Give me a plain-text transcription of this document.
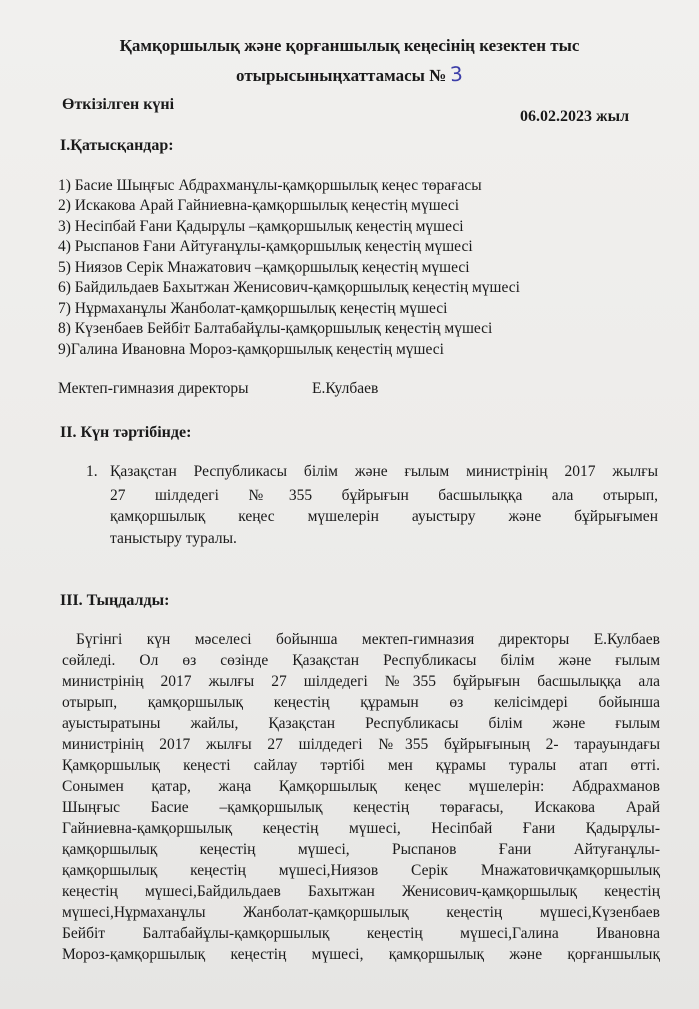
Қамқоршылық және қорғаншылық кеңесінің кезектен тыс
отырысыныңхаттамасы № 3
Өткізілген күні
06.02.2023 жыл
І.Қатысқандар:
1) Басие Шыңғыс Абдрахманұлы-қамқоршылық кеңес төрағасы
2) Искакова Арай Гайниевна-қамқоршылық кеңестің мүшесі
3) Несіпбай Ғани Қадырұлы –қамқоршылық кеңестің мүшесі
4) Рыспанов Ғани Айтуғанұлы-қамқоршылық кеңестің мүшесі
5) Ниязов Серік Мнажатович –қамқоршылық кеңестің мүшесі
6) Байдильдаев Бахытжан Женисович-қамқоршылық кеңестің мүшесі
7) Нұрмаханұлы Жанболат-қамқоршылық кеңестің мүшесі
8) Күзенбаев Бейбіт Балтабайұлы-қамқоршылық кеңестің мүшесі
9)Галина Ивановна Мороз-қамқоршылық кеңестің мүшесі
Мектеп-гимназия директоры	Е.Кулбаев
ІІ. Күн тәртібінде:
1. Қазақстан Республикасы білім және ғылым министрінің 2017 жылғы
27 шілдедегі №355 бұйрығын басшылыққа ала отырып,
қамқоршылық кеңес мүшелерін ауыстыру және бұйрығымен
таныстыру туралы.
ІІІ. Тыңдалды:
Бүгінгі күн мәселесі бойынша мектеп-гимназия директоры Е.Кулбаев
сөйледі. Ол өз сөзінде Қазақстан Республикасы білім және ғылым
министрінің 2017 жылғы 27 шілдедегі №355 бұйрығын басшылыққа ала
отырып, қамқоршылық кеңестің құрамын өз келісімдері бойынша
ауыстыратыны жайлы, Қазақстан Республикасы білім және ғылым
министрінің 2017 жылғы 27 шілдедегі №355 бұйрығының 2- тарауындағы
Қамқоршылық кеңесті сайлау тәртібі мен құрамы туралы атап өтті.
Сонымен қатар, жаңа Қамқоршылық кеңес мүшелерін: Абдрахманов
Шыңғыс Басие –қамқоршылық кеңестің төрағасы, Искакова Арай
Гайниевна-қамқоршылық кеңестің мүшесі, Несіпбай Ғани Қадырұлы-
қамқоршылық кеңестің мүшесі, Рыспанов Ғани Айтуғанұлы-
қамқоршылық кеңестің мүшесі,Ниязов Серік Мнажатовичқамқоршылық
кеңестің мүшесі,Байдильдаев Бахытжан Женисович-қамқоршылық кеңестің
мүшесі,Нұрмаханұлы Жанболат-қамқоршылық кеңестің мүшесі,Күзенбаев
Бейбіт Балтабайұлы-қамқоршылық кеңестің мүшесі,Галина Ивановна
Мороз-қамқоршылық кеңестің мүшесі, қамқоршылық және қорғаншылық
